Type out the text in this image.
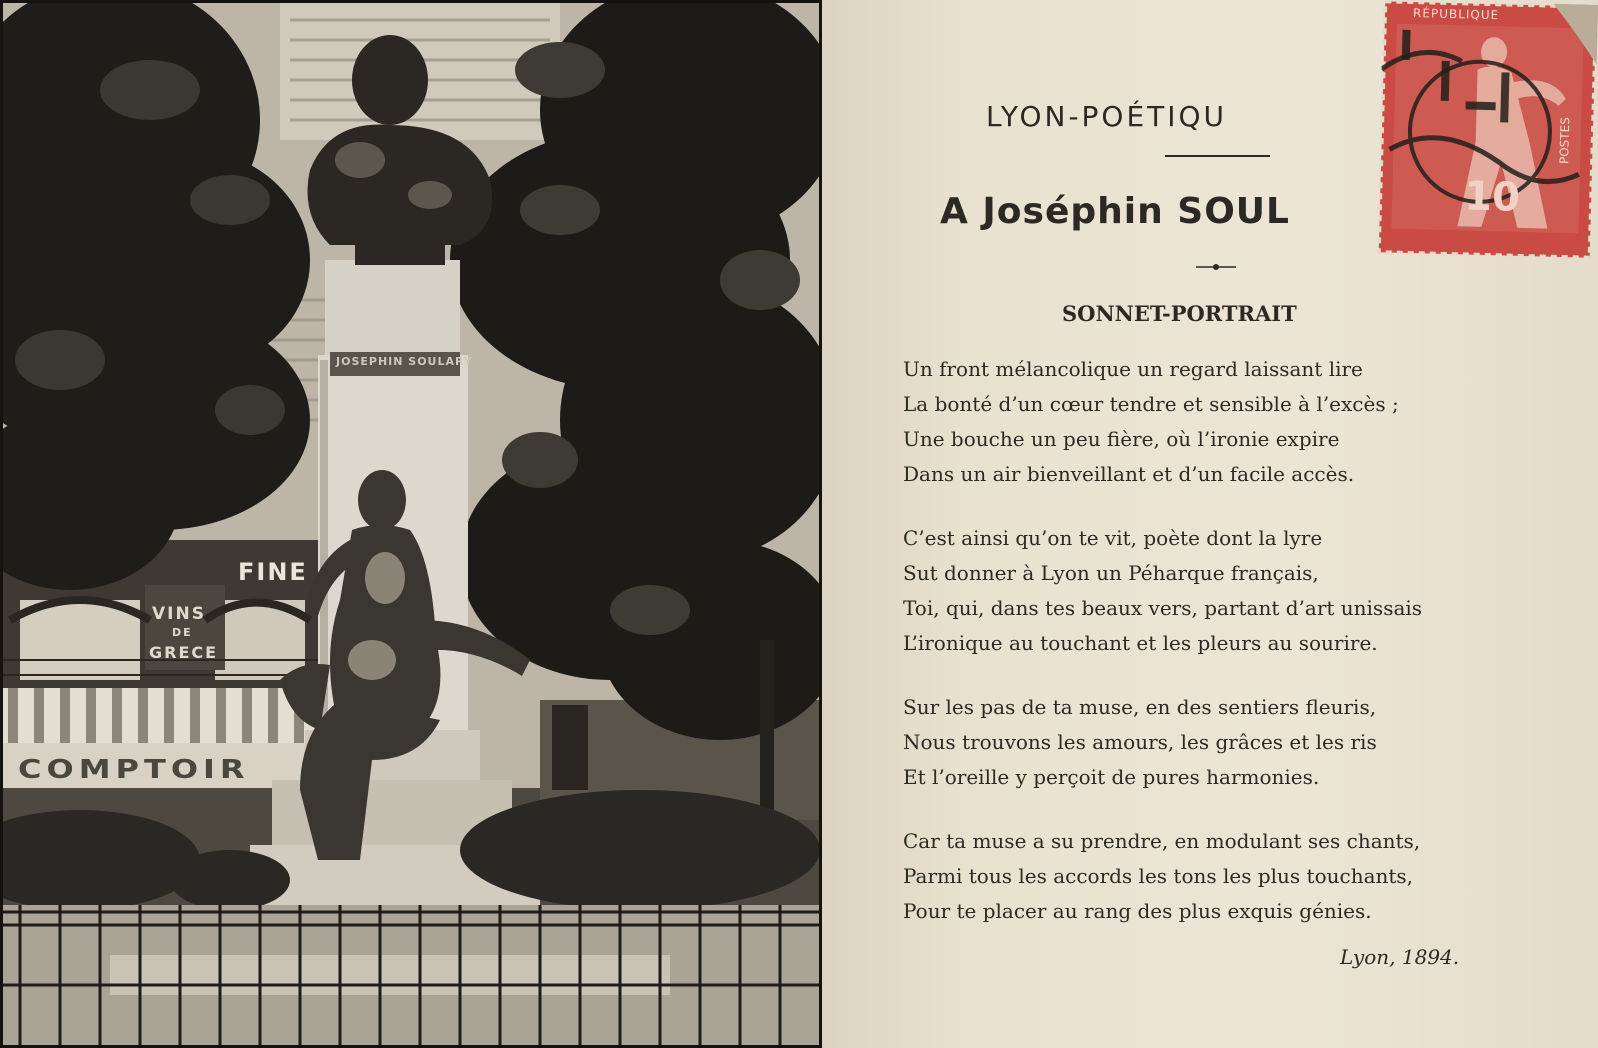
FINE
VINS
DE
GRECE
COMPTOIR
JOSEPHIN SOULARY
LYON-POÉTIQU
A Joséphin SOUL
SONNET-PORTRAIT
Un front mélancolique un regard laissant lire
La bonté d’un cœur tendre et sensible à l’excès ;
Une bouche un peu fière, où l’ironie expire
Dans un air bienveillant et d’un facile accès.
C’est ainsi qu’on te vit, poète dont la lyre
Sut donner à Lyon un Péharque français,
Toi, qui, dans tes beaux vers, partant d’art unissais
L’ironique au touchant et les pleurs au sourire.
Sur les pas de ta muse, en des sentiers fleuris,
Nous trouvons les amours, les grâces et les ris
Et l’oreille y perçoit de pures harmonies.
Car ta muse a su prendre, en modulant ses chants,
Parmi tous les accords les tons les plus touchants,
Pour te placer au rang des plus exquis génies.
Lyon, 1894.
RÉPUBLIQUE
POSTES
10
